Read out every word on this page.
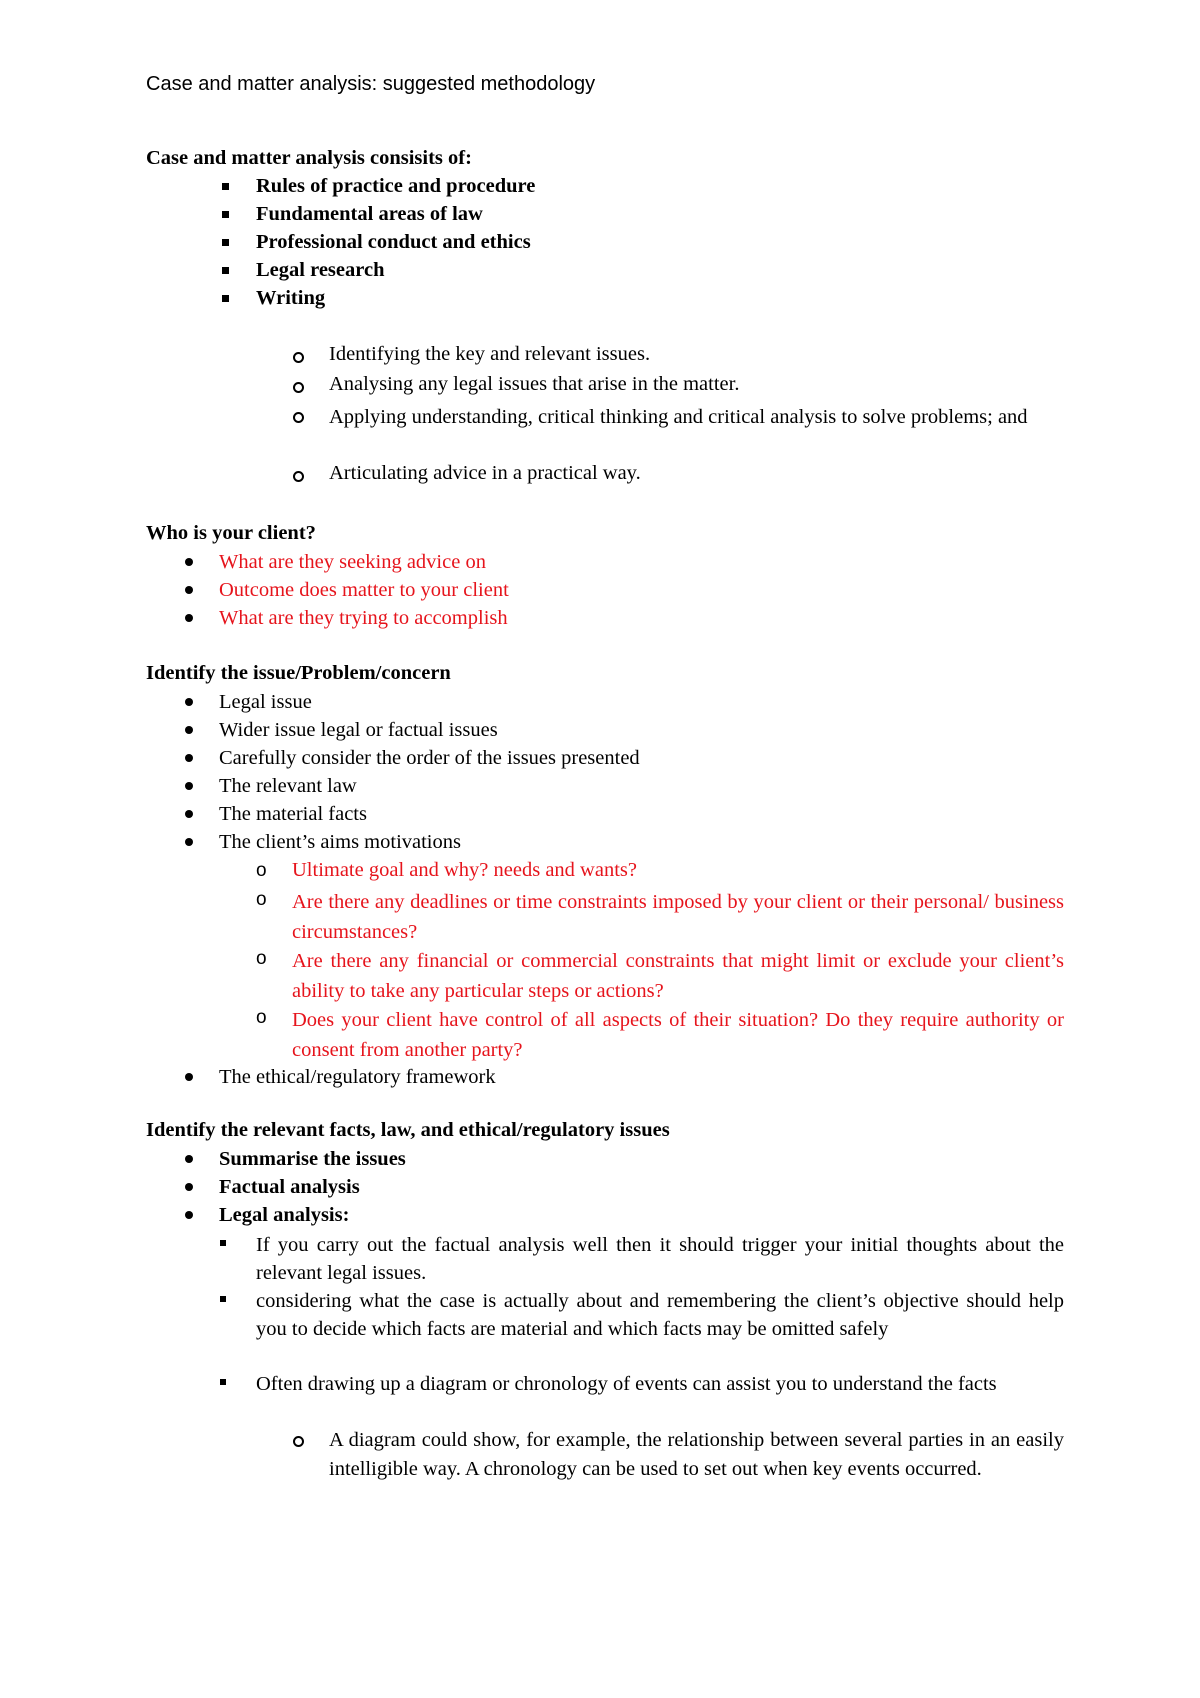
Case and matter analysis: suggested methodology
Case and matter analysis consisits of:
Rules of practice and procedure
Fundamental areas of law
Professional conduct and ethics
Legal research
Writing
Identifying the key and relevant issues.
Analysing any legal issues that arise in the matter.
Applying understanding, critical thinking and critical analysis to solve problems; and
Articulating advice in a practical way.
Who is your client?
What are they seeking advice on
Outcome does matter to your client
What are they trying to accomplish
Identify the issue/Problem/concern
Legal issue
Wider issue legal or factual issues
Carefully consider the order of the issues presented
The relevant law
The material facts
The client’s aims motivations
o Ultimate goal and why? needs and wants?
o Are there any deadlines or time constraints imposed by your client or their personal/ business circumstances?
o Are there any financial or commercial constraints that might limit or exclude your client’s ability to take any particular steps or actions?
o Does your client have control of all aspects of their situation? Do they require authority or consent from another party?
The ethical/regulatory framework
Identify the relevant facts, law, and ethical/regulatory issues
Summarise the issues
Factual analysis
Legal analysis:
If you carry out the factual analysis well then it should trigger your initial thoughts about the relevant legal issues.
considering what the case is actually about and remembering the client’s objective should help you to decide which facts are material and which facts may be omitted safely
Often drawing up a diagram or chronology of events can assist you to understand the facts
A diagram could show, for example, the relationship between several parties in an easily intelligible way. A chronology can be used to set out when key events occurred.
